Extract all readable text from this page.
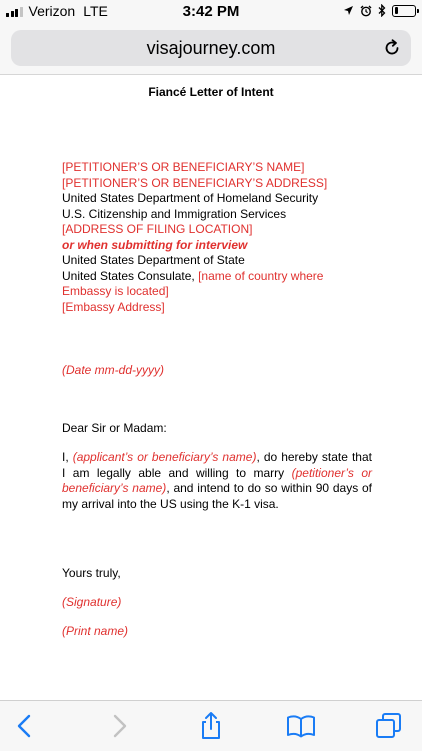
Verizon LTE	3:42 PM
visajourney.com
Fiancé Letter of Intent
[PETITIONER’S OR BENEFICIARY’S NAME]
[PETITIONER’S OR BENEFICIARY’S ADDRESS]
United States Department of Homeland Security
U.S. Citizenship and Immigration Services
[ADDRESS OF FILING LOCATION]
or when submitting for interview
United States Department of State
United States Consulate, [name of country where Embassy is located]
[Embassy Address]
(Date mm-dd-yyyy)
Dear Sir or Madam:
I, (applicant’s or beneficiary’s name), do hereby state that I am legally able and willing to marry (petitioner’s or beneficiary’s name), and intend to do so within 90 days of my arrival into the US using the K-1 visa.
Yours truly,
(Signature)
(Print name)
